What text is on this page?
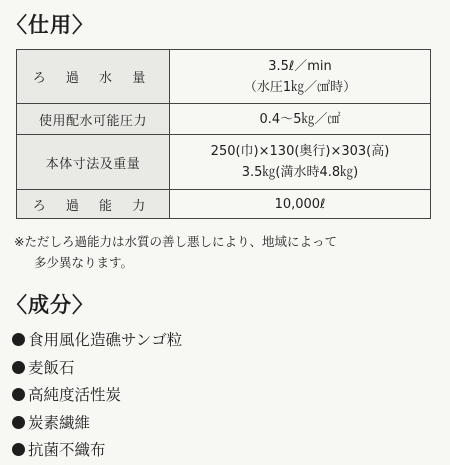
〈仕用〉
ろ 過 水 量	3.5ℓ／min
（水圧1㎏／㎠時）

使用配水可能圧力	0.4～5㎏／㎠

本体寸法及重量	250(巾)×130(奥行)×303(高)
3.5㎏(満水時4.8㎏)

ろ 過 能 力	10,000ℓ
※ただしろ過能力は水質の善し悪しにより、地域によって
多少異なります。
〈成分〉
食用風化造礁サンゴ粒
麦飯石
高純度活性炭
炭素繊維
抗菌不織布
